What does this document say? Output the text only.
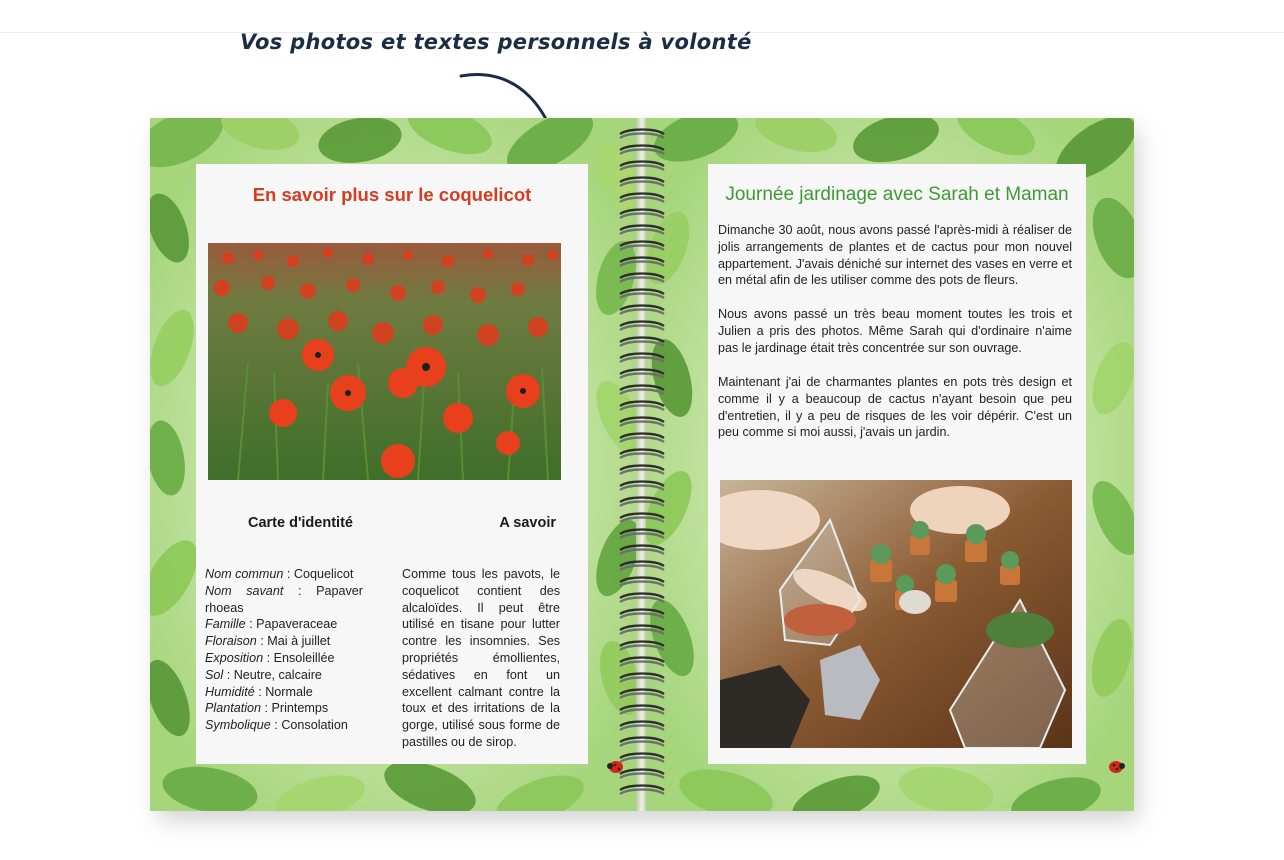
Vos photos et textes personnels à volonté
En savoir plus sur le coquelicot
Carte d'identité	A savoir
Nom commun : Coquelicot
Nom savant : Papaver rhoeas
Famille : Papaveraceae
Floraison : Mai à juillet
Exposition : Ensoleillée
Sol : Neutre, calcaire
Humidité : Normale
Plantation : Printemps
Symbolique : Consolation
Comme tous les pavots, le coquelicot contient des alcaloïdes. Il peut être utilisé en tisane pour lutter contre les insomnies. Ses propriétés émollientes, sédatives en font un excellent calmant contre la toux et des irritations de la gorge, utilisé sous forme de pastilles ou de sirop.
Journée jardinage avec Sarah et Maman
Dimanche 30 août, nous avons passé l'après-midi à réaliser de jolis arrangements de plantes et de cactus pour mon nouvel appartement. J'avais déniché sur internet des vases en verre et en métal afin de les utiliser comme des pots de fleurs.
Nous avons passé un très beau moment toutes les trois et Julien a pris des photos. Même Sarah qui d'ordinaire n'aime pas le jardinage était très concentrée sur son ouvrage.
Maintenant j'ai de charmantes plantes en pots très design et comme il y a beaucoup de cactus n'ayant besoin que peu d'entretien, il y a peu de risques de les voir dépérir. C'est un peu comme si moi aussi, j'avais un jardin.
